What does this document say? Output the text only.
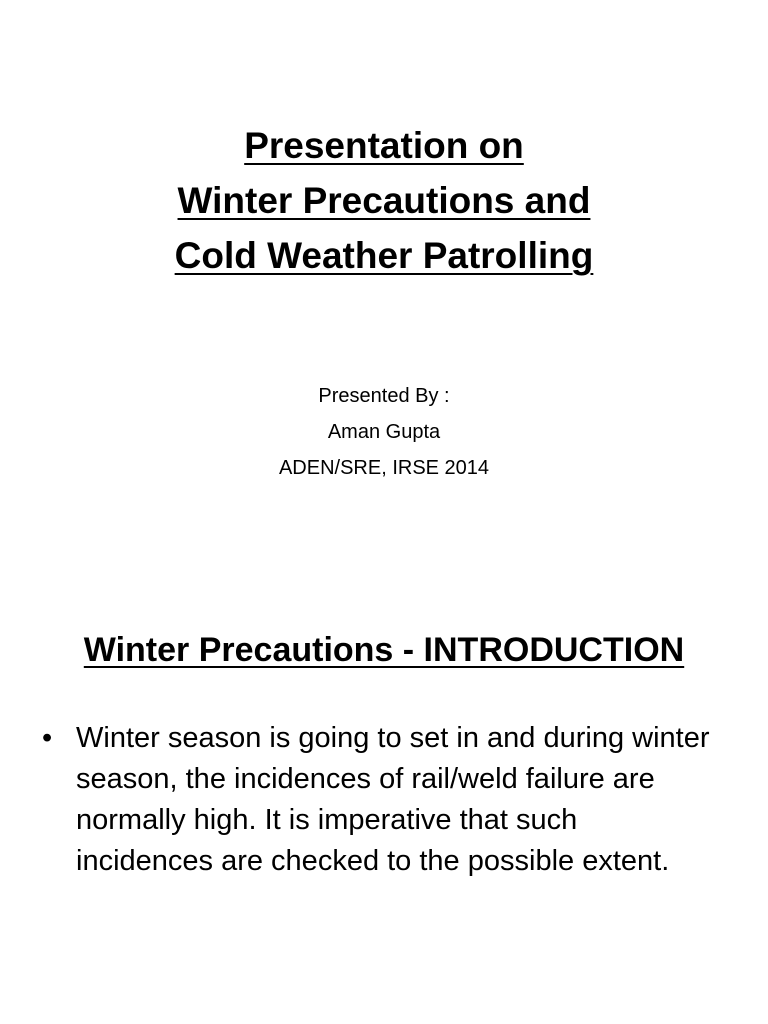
Presentation on
Winter Precautions and
Cold Weather Patrolling
Presented By :
Aman Gupta
ADEN/SRE, IRSE 2014
Winter Precautions - INTRODUCTION
• Winter season is going to set in and during winter season, the incidences of rail/weld failure are normally high. It is imperative that such incidences are checked to the possible extent.
